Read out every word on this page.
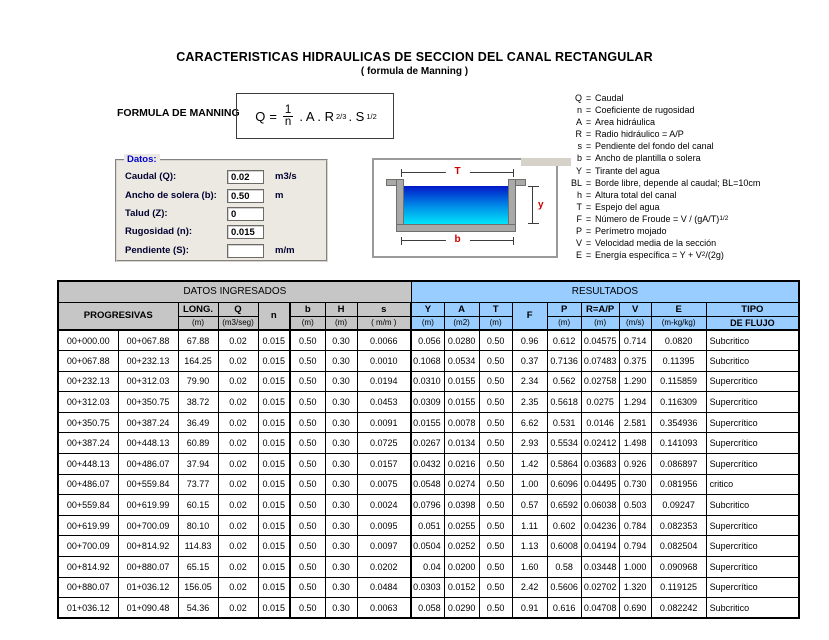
CARACTERISTICAS HIDRAULICAS DE SECCION DEL CANAL RECTANGULAR
( formula de Manning )
FORMULA DE MANNING $Q = \frac{1}{n}$ . A . R 2/3 . S 1/2
Q = Caudal
n = Coeficiente de rugosidad
A = Area hidráulica
R = Radio hidráulico = A/P
s = Pendiente del fondo del canal
b = Ancho de plantilla o solera
Y = Tirante del agua
BL = Borde libre, depende al caudal; BL=10cm
h = Altura total del canal
T = Espejo del agua
F = Número de Froude = V / (gA/T) 1/2
P = Perímetro mojado
V = Velocidad media de la sección
E = Energía específica = Y + V 2 /(2g)
Datos:
Caudal (Q):
0.02	m3/s
Ancho de solera (b):
0.50	m
Talud (Z):
0
Rugosidad (n):
0.015
Pendiente (S):	m/m
T
y
b
DATOS INGRESADOS								RESULTADOS								
PROGRESIVAS		LONG.	Q	n	b	H	s	Y	A	T	F	P	R=A/P	V	E	TIPO
		(m)	(m3/seg)		(m)	(m)	( m/m )	(m)	(m2)	(m)		(m)	(m)	(m/s)	(m-kg/kg)	DE FLUJO
00+000.00	00+067.88	67.88	0.02	0.015	0.50	0.30	0.0066	0.056	0.0280	0.50	0.96	0.612	0.04575	0.714	0.0820	Subcritico
00+067.88	00+232.13	164.25	0.02	0.015	0.50	0.30	0.0010	0.1068	0.0534	0.50	0.37	0.7136	0.07483	0.375	0.11395	Subcritico
00+232.13	00+312.03	79.90	0.02	0.015	0.50	0.30	0.0194	0.0310	0.0155	0.50	2.34	0.562	0.02758	1.290	0.115859	Supercrítico
00+312.03	00+350.75	38.72	0.02	0.015	0.50	0.30	0.0453	0.0309	0.0155	0.50	2.35	0.5618	0.0275	1.294	0.116309	Supercrítico
00+350.75	00+387.24	36.49	0.02	0.015	0.50	0.30	0.0091	0.0155	0.0078	0.50	6.62	0.531	0.0146	2.581	0.354936	Supercrítico
00+387.24	00+448.13	60.89	0.02	0.015	0.50	0.30	0.0725	0.0267	0.0134	0.50	2.93	0.5534	0.02412	1.498	0.141093	Supercrítico
00+448.13	00+486.07	37.94	0.02	0.015	0.50	0.30	0.0157	0.0432	0.0216	0.50	1.42	0.5864	0.03683	0.926	0.086897	Supercrítico
00+486.07	00+559.84	73.77	0.02	0.015	0.50	0.30	0.0075	0.0548	0.0274	0.50	1.00	0.6096	0.04495	0.730	0.081956	critico
00+559.84	00+619.99	60.15	0.02	0.015	0.50	0.30	0.0024	0.0796	0.0398	0.50	0.57	0.6592	0.06038	0.503	0.09247	Subcritico
00+619.99	00+700.09	80.10	0.02	0.015	0.50	0.30	0.0095	0.051	0.0255	0.50	1.11	0.602	0.04236	0.784	0.082353	Supercrítico
00+700.09	00+814.92	114.83	0.02	0.015	0.50	0.30	0.0097	0.0504	0.0252	0.50	1.13	0.6008	0.04194	0.794	0.082504	Supercrítico
00+814.92	00+880.07	65.15	0.02	0.015	0.50	0.30	0.0202	0.04	0.0200	0.50	1.60	0.58	0.03448	1.000	0.090968	Supercrítico
00+880.07	01+036.12	156.05	0.02	0.015	0.50	0.30	0.0484	0.0303	0.0152	0.50	2.42	0.5606	0.02702	1.320	0.119125	Supercrítico
01+036.12	01+090.48	54.36	0.02	0.015	0.50	0.30	0.0063	0.058	0.0290	0.50	0.91	0.616	0.04708	0.690	0.082242	Subcritico
